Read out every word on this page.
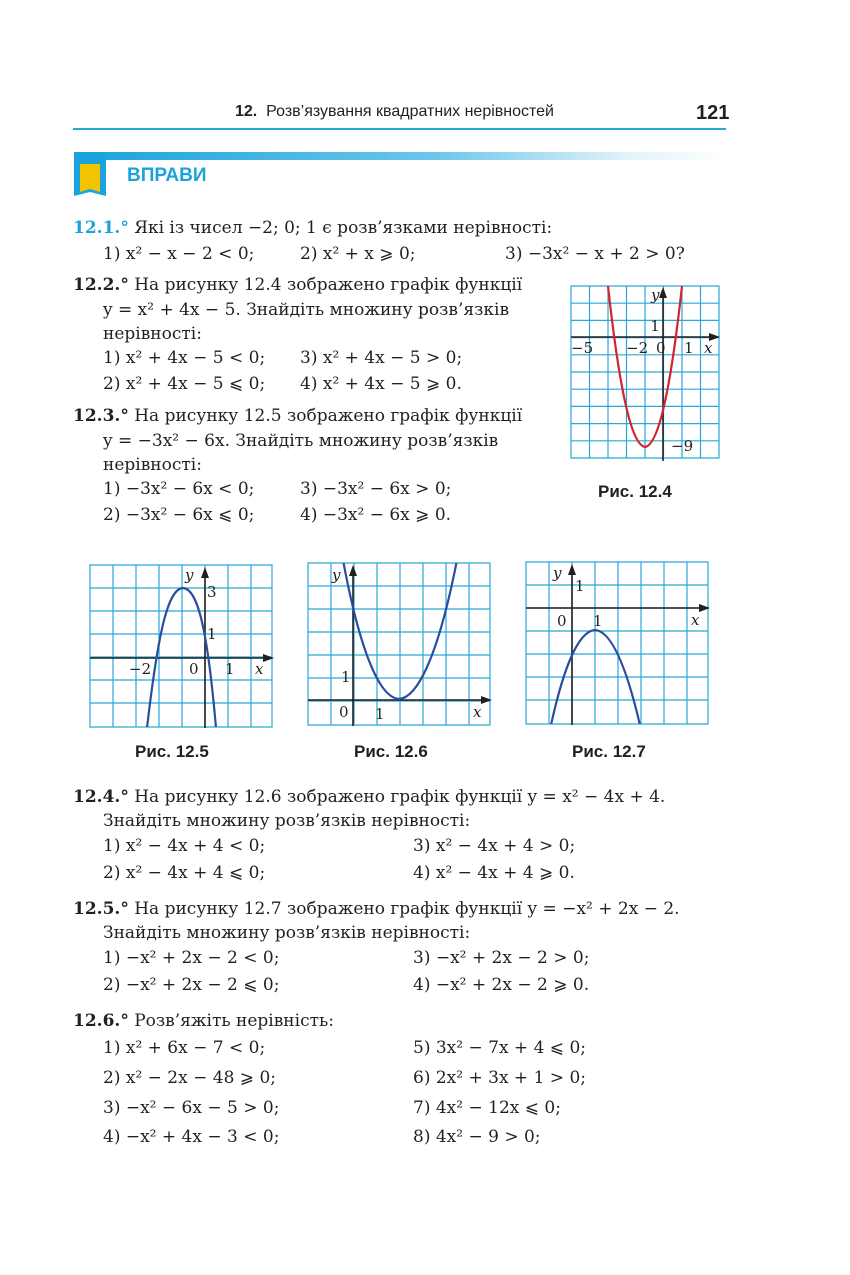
12. Розв’язування квадратних нерівностей	121
ВПРАВИ
12.1.° Які із чисел −2; 0; 1 є розв’язками нерівності:
1) x² − x − 2 < 0;	2) x² + x ⩾ 0;	3) −3x² − x + 2 > 0?
12.2.° На рисунку 12.4 зображено графік функції
y = x² + 4x − 5. Знайдіть множину розв’язків
нерівності:
1) x² + 4x − 5 < 0; 3) x² + 4x − 5 > 0;
2) x² + 4x − 5 ⩽ 0; 4) x² + 4x − 5 ⩾ 0.
12.3.° На рисунку 12.5 зображено графік функції
y = −3x² − 6x. Знайдіть множину розв’язків
нерівності:
1) −3x² − 6x < 0;	3) −3x² − 6x > 0;
2) −3x² − 6x ⩽ 0;	4) −3x² − 6x ⩾ 0.
y
x
1
−5 −2 0 1
−9
Рис. 12.4
y
x
3
1
−2	0 1
Рис. 12.5
y
x
1
0 1
Рис. 12.6
y
x
1
0 1
Рис. 12.7
12.4.° На рисунку 12.6 зображено графік функції y = x² − 4x + 4.
Знайдіть множину розв’язків нерівності:
1) x² − 4x + 4 < 0;	3) x² − 4x + 4 > 0;
2) x² − 4x + 4 ⩽ 0;	4) x² − 4x + 4 ⩾ 0.
12.5.° На рисунку 12.7 зображено графік функції y = −x² + 2x − 2.
Знайдіть множину розв’язків нерівності:
1) −x² + 2x − 2 < 0;	3) −x² + 2x − 2 > 0;
2) −x² + 2x − 2 ⩽ 0;	4) −x² + 2x − 2 ⩾ 0.
12.6.° Розв’яжіть нерівність:
1) x² + 6x − 7 < 0;	5) 3x² − 7x + 4 ⩽ 0;
2) x² − 2x − 48 ⩾ 0;	6) 2x² + 3x + 1 > 0;
3) −x² − 6x − 5 > 0;	7) 4x² − 12x ⩽ 0;
4) −x² + 4x − 3 < 0;	8) 4x² − 9 > 0;
